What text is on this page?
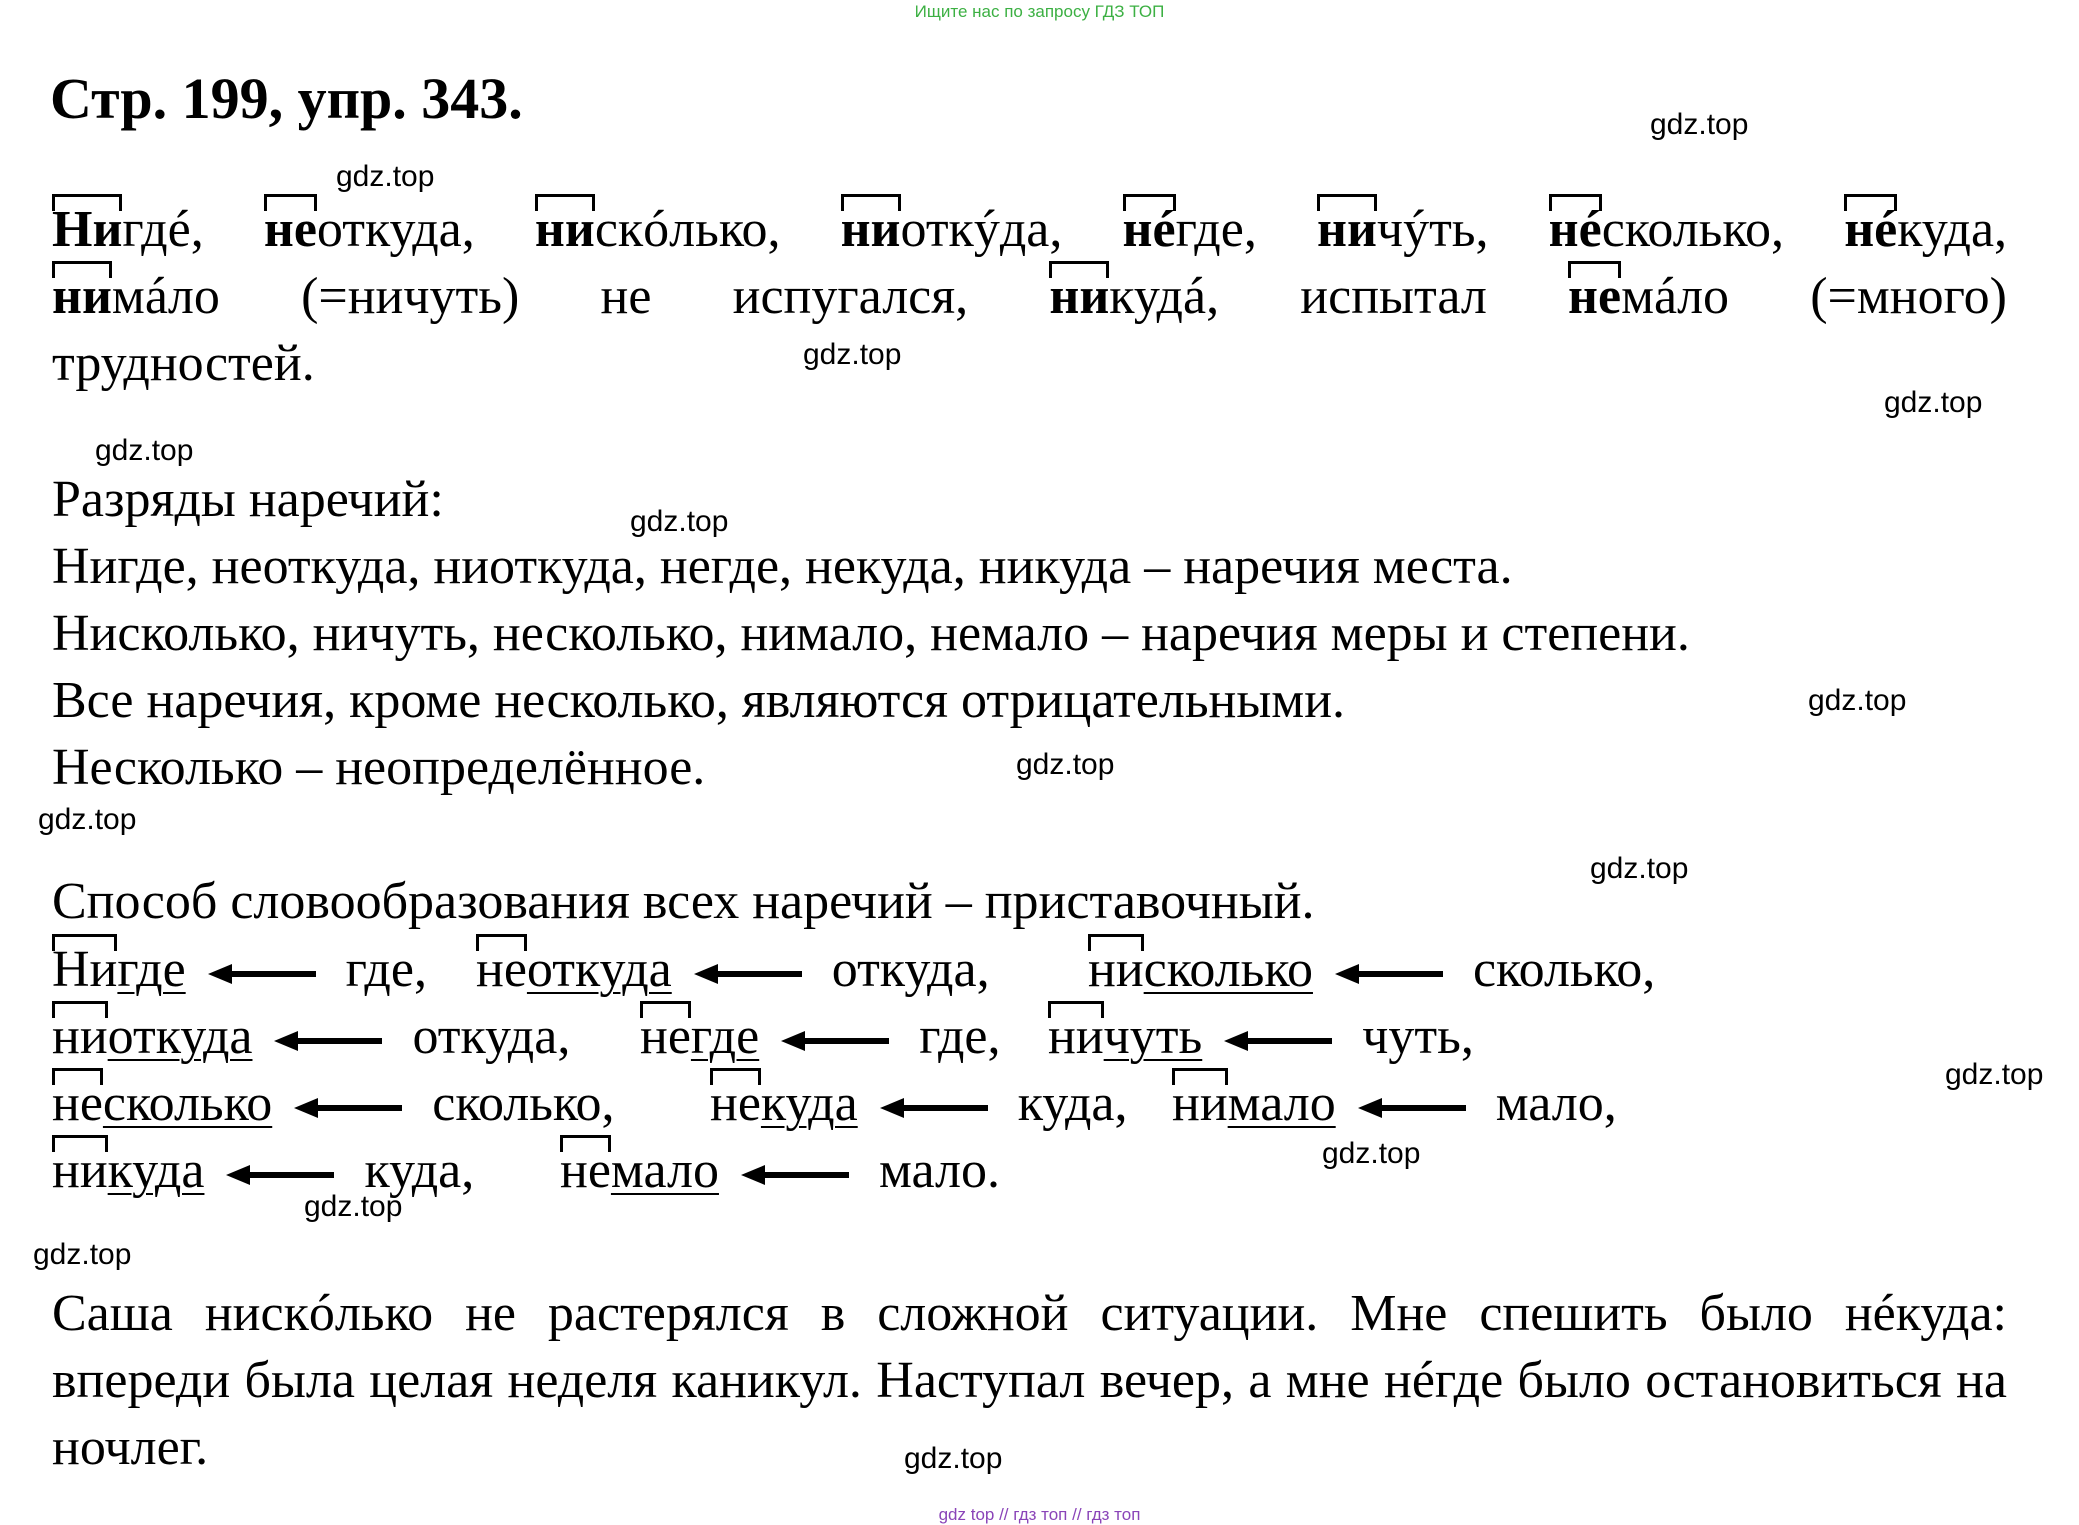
Ищите нас по запросу ГДЗ ТОП
Стр. 199, упр. 343.	gdz.top
gdz.top
gdz.top
gdz.top
gdz.top
gdz.top
gdz.top
gdz.top
gdz.top
gdz.top
gdz.top
gdz.top
gdz.top
gdz.top
gdz.top
Нигдé,
неоткуда,
нискóлько,
ниоткýда,
нéгде,
ничýть,
нéсколько,
нéкуда,
нимáло (=ничуть) не испугался, никудá, испытал немáло (=много)
трудностей.
Разряды наречий:
Нигде, неоткуда, ниоткуда, негде, некуда, никуда – наречия места.
Нисколько, ничуть, несколько, нимало, немало – наречия меры и степени.
Все наречия, кроме несколько, являются отрицательными.
Несколько – неопределённое.
Способ словообразования всех наречий – приставочный.
Нигде	где, неоткуда	откуда, нисколько	сколько,
ниоткуда	откуда, негде	где, ничуть	чуть,
несколько	сколько, некуда	куда, нимало	мало,
никуда	куда, немало	мало.
Саша нискóлько не растерялся в сложной ситуации. Мне спешить было нéкуда: впереди была целая неделя каникул. Наступал вечер, а мне нéгде было остановиться на ночлег.
gdz top // гдз топ // гдз топ
